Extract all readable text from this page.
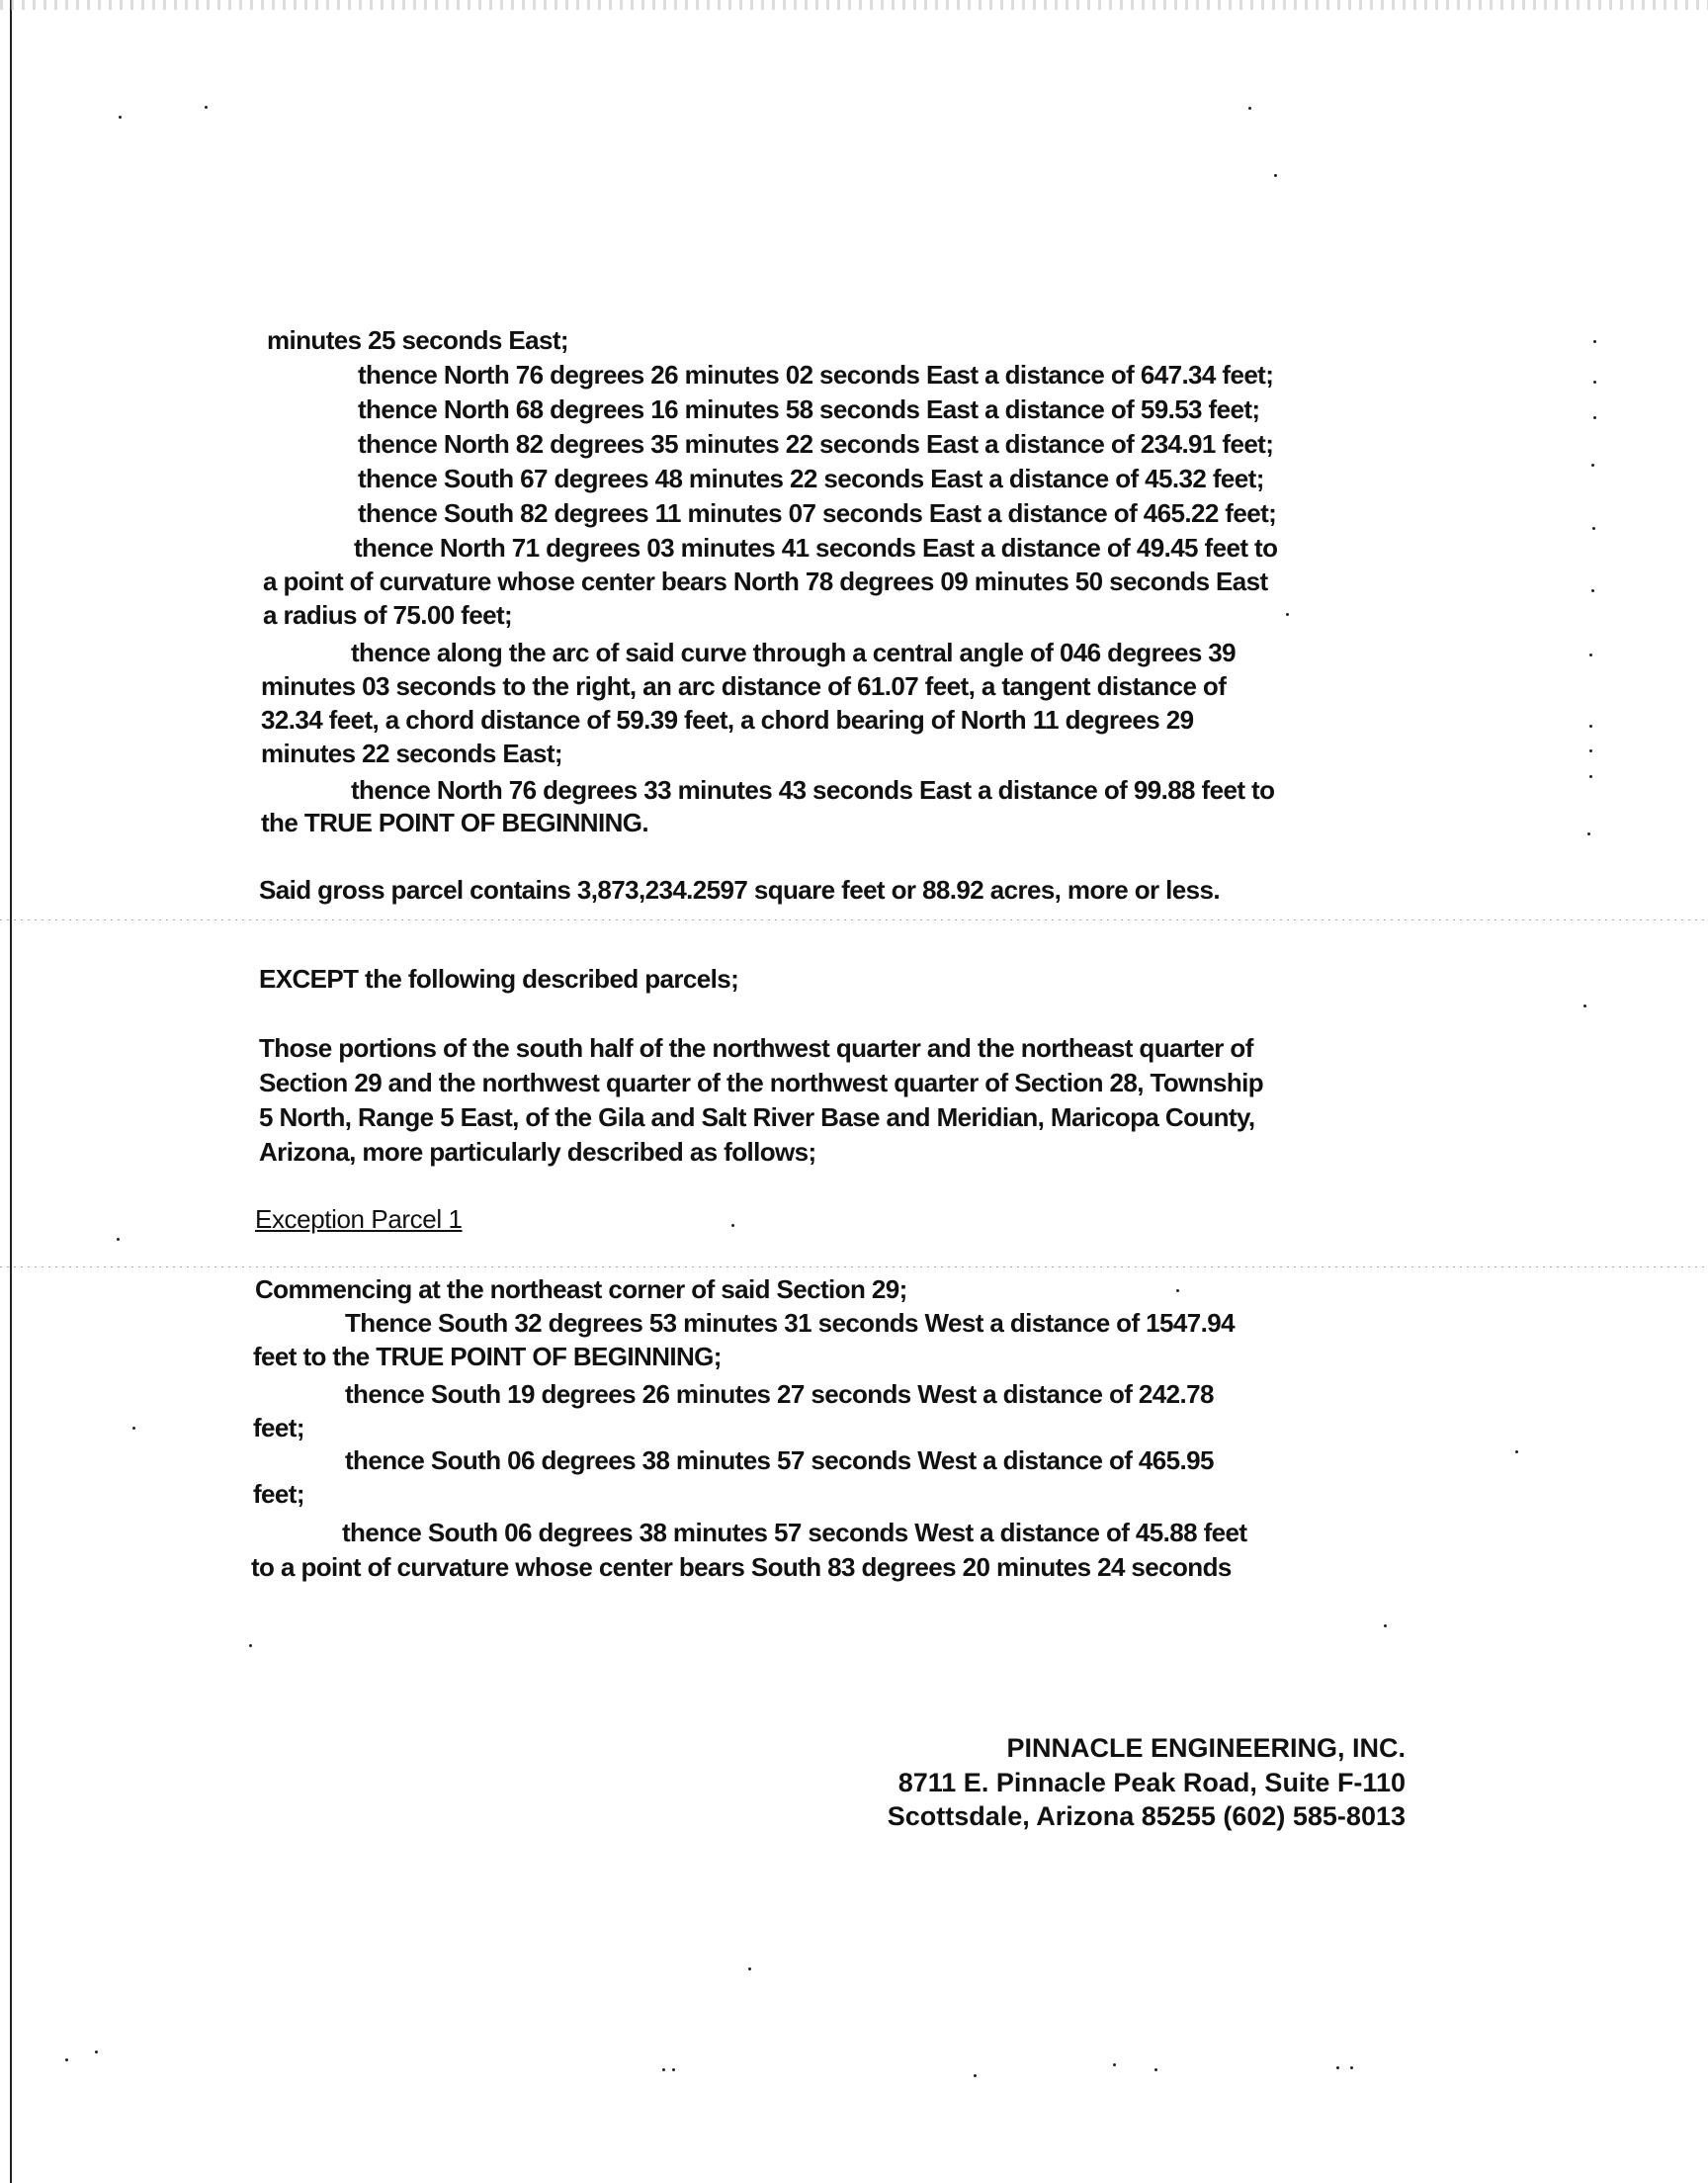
minutes 25 seconds East;

thence North 76 degrees 26 minutes 02 seconds East a distance of 647.34 feet;

thence North 68 degrees 16 minutes 58 seconds East a distance of 59.53 feet;

thence North 82 degrees 35 minutes 22 seconds East a distance of 234.91 feet;

thence South 67 degrees 48 minutes 22 seconds East a distance of 45.32 feet;

thence South 82 degrees 11 minutes 07 seconds East a distance of 465.22 feet;

thence North 71 degrees 03 minutes 41 seconds East a distance of 49.45 feet to

a point of curvature whose center bears North 78 degrees 09 minutes 50 seconds East

a radius of 75.00 feet;

thence along the arc of said curve through a central angle of 046 degrees 39

minutes 03 seconds to the right, an arc distance of 61.07 feet, a tangent distance of

32.34 feet, a chord distance of 59.39 feet, a chord bearing of North 11 degrees 29

minutes 22 seconds East;

thence North 76 degrees 33 minutes 43 seconds East a distance of 99.88 feet to

the TRUE POINT OF BEGINNING.

Said gross parcel contains 3,873,234.2597 square feet or 88.92 acres, more or less.

EXCEPT the following described parcels;

Those portions of the south half of the northwest quarter and the northeast quarter of

Section 29 and the northwest quarter of the northwest quarter of Section 28, Township

5 North, Range 5 East, of the Gila and Salt River Base and Meridian, Maricopa County,

Arizona, more particularly described as follows;

Exception Parcel 1

Commencing at the northeast corner of said Section 29;

Thence South 32 degrees 53 minutes 31 seconds West a distance of 1547.94

feet to the TRUE POINT OF BEGINNING;

thence South 19 degrees 26 minutes 27 seconds West a distance of 242.78

feet;

thence South 06 degrees 38 minutes 57 seconds West a distance of 465.95

feet;

thence South 06 degrees 38 minutes 57 seconds West a distance of 45.88 feet

to a point of curvature whose center bears South 83 degrees 20 minutes 24 seconds

PINNACLE ENGINEERING, INC.

8711 E. Pinnacle Peak Road, Suite F-110

Scottsdale, Arizona 85255 (602) 585-8013
